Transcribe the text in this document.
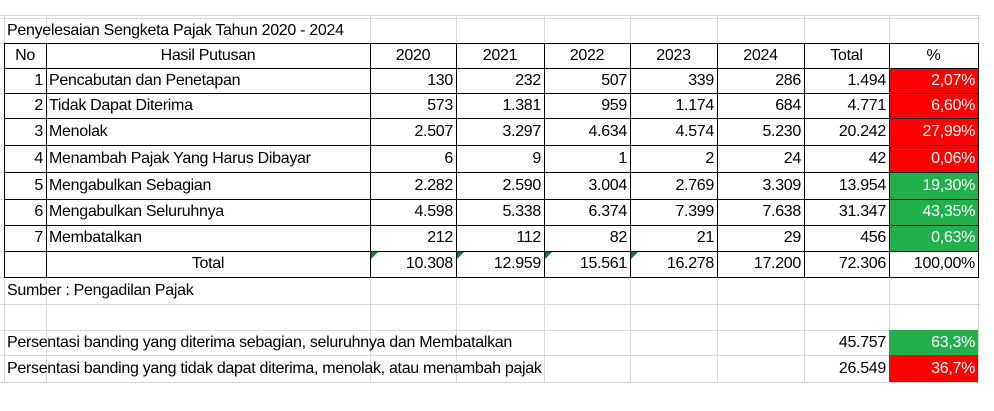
Penyelesaian Sengketa Pajak Tahun 2020 - 2024
No	Hasil Putusan	2020	2021	2022	2023	2024	Total	%
1 Pencabutan dan Penetapan	130	232	507	339	286	1.494	2,07%
2 Tidak Dapat Diterima	573	1.381	959	1.174	684	4.771	6,60%
3 Menolak	2.507	3.297	4.634	4.574	5.230	20.242	27,99%
4 Menambah Pajak Yang Harus Dibayar	6	9	1	2	24	42	0,06%
5 Mengabulkan Sebagian	2.282	2.590	3.004	2.769	3.309	13.954	19,30%
6 Mengabulkan Seluruhnya	4.598	5.338	6.374	7.399	7.638	31.347	43,35%
7 Membatalkan	212	112	82	21	29	456	0,63%
Total	10.308	12.959	15.561	16.278	17.200	72.306	100,00%
Sumber : Pengadilan Pajak
Persentasi banding yang diterima sebagian, seluruhnya dan Membatalkan	45.757	63,3%
Persentasi banding yang tidak dapat diterima, menolak, atau menambah pajak	26.549	36,7%
